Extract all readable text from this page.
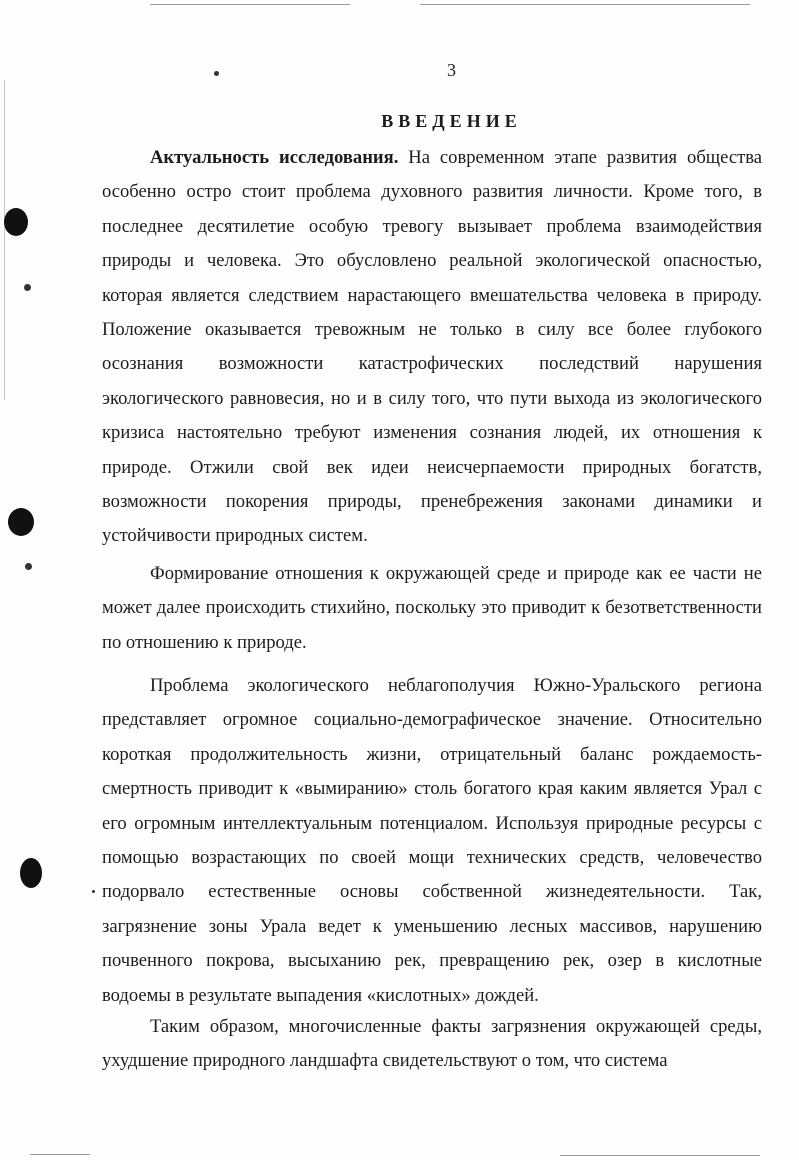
3
ВВЕДЕНИЕ

Актуальность исследования. На современном этапе развития общества особенно остро стоит проблема духовного развития личности. Кроме того, в последнее десятилетие особую тревогу вызывает проблема взаимодействия природы и человека. Это обусловлено реальной экологической опасностью, которая является следствием нарастающего вмешательства человека в природу. Положение оказывается тревожным не только в силу все более глубокого осознания возможности катастрофических последствий нарушения экологического равновесия, но и в силу того, что пути выхода из экологического кризиса настоятельно требуют изменения сознания людей, их отношения к природе. Отжили свой век идеи неисчерпаемости природных богатств, возможности покорения природы, пренебрежения законами динамики и устойчивости природных систем.

Формирование отношения к окружающей среде и природе как ее части не может далее происходить стихийно, поскольку это приводит к безответственности по отношению к природе.

Проблема экологического неблагополучия Южно-Уральского региона представляет огромное социально-демографическое значение. Относительно короткая продолжительность жизни, отрицательный баланс рождаемость-смертность приводит к «вымиранию» столь богатого края каким является Урал с его огромным интеллектуальным потенциалом. Используя природные ресурсы с помощью возрастающих по своей мощи технических средств, человечество подорвало естественные основы собственной жизнедеятельности. Так, загрязнение зоны Урала ведет к уменьшению лесных массивов, нарушению почвенного покрова, высыханию рек, превращению рек, озер в кислотные водоемы в результате выпадения «кислотных» дождей.

Таким образом, многочисленные факты загрязнения окружающей среды, ухудшение природного ландшафта свидетельствуют о том, что система
